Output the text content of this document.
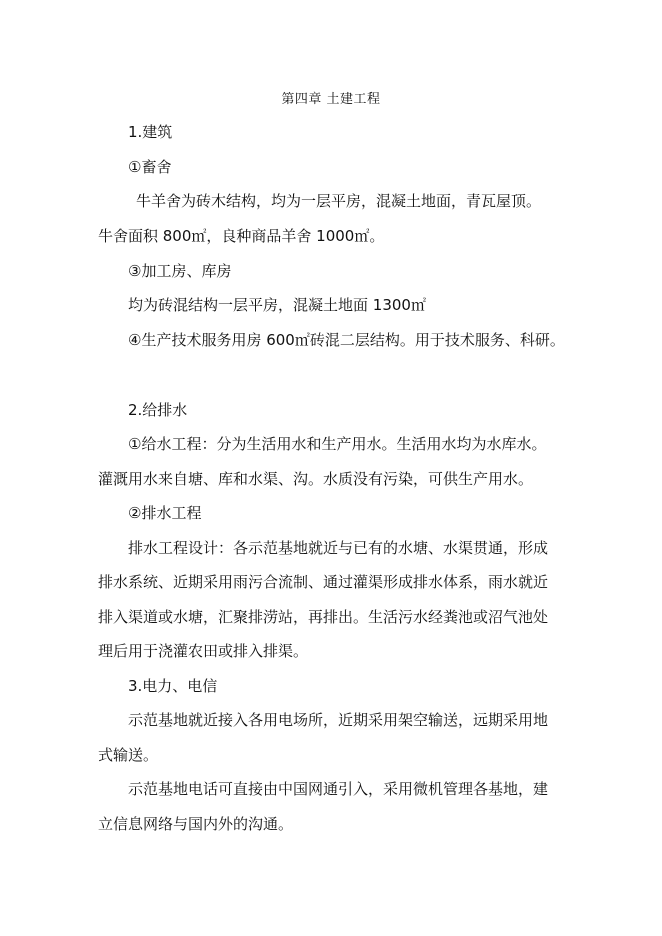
第四章 土建工程
1.建筑
①畜舍
牛羊舍为砖木结构，均为一层平房，混凝土地面，青瓦屋顶。
牛舍面积 800㎡，良种商品羊舍 1000㎡。
③加工房、库房
均为砖混结构一层平房，混凝土地面 1300㎡
④生产技术服务用房 600㎡砖混二层结构。用于技术服务、科研。
2.给排水
①给水工程：分为生活用水和生产用水。生活用水均为水库水。
灌溉用水来自塘、库和水渠、沟。水质没有污染，可供生产用水。
②排水工程
排水工程设计：各示范基地就近与已有的水塘、水渠贯通，形成
排水系统、近期采用雨污合流制、通过灌渠形成排水体系，雨水就近
排入渠道或水塘，汇聚排涝站，再排出。生活污水经粪池或沼气池处
理后用于浇灌农田或排入排渠。
3.电力、电信
示范基地就近接入各用电场所，近期采用架空输送，远期采用地
式输送。
示范基地电话可直接由中国网通引入，采用微机管理各基地，建
立信息网络与国内外的沟通。
